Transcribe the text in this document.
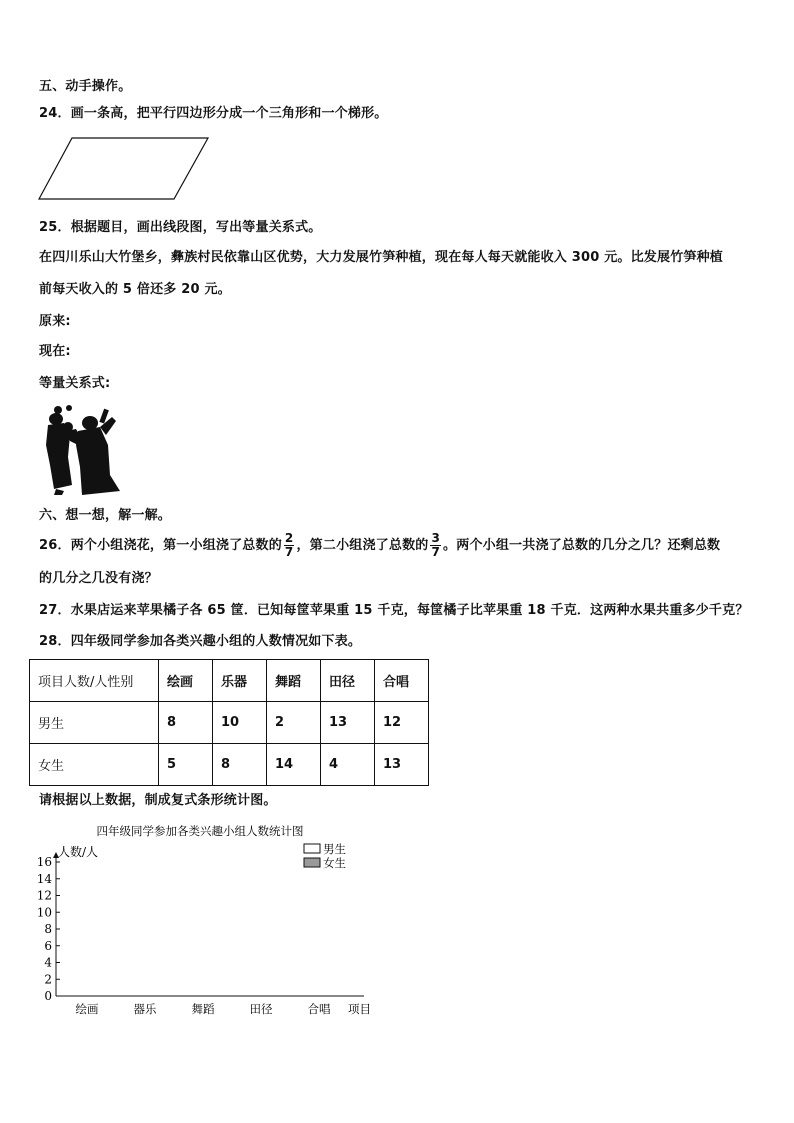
五、动手操作。
24．画一条高，把平行四边形分成一个三角形和一个梯形。
25．根据题目，画出线段图，写出等量关系式。
在四川乐山大竹堡乡，彝族村民依靠山区优势，大力发展竹笋种植，现在每人每天就能收入 300 元。比发展竹笋种植
前每天收入的 5 倍还多 20 元。
原来:
现在:
等量关系式:
六、想一想，解一解。
26．两个小组浇花，第一小组浇了总数的 $\frac{2}{7}$ ，第二小组浇了总数的 $\frac{3}{7}$ 。两个小组一共浇了总数的几分之几？还剩总数
的几分之几没有浇？
27．水果店运来苹果橘子各 65 筐．已知每筐苹果重 15 千克，每筐橘子比苹果重 18 千克．这两种水果共重多少千克？
28．四年级同学参加各类兴趣小组的人数情况如下表。
项目人数/人性别	绘画	乐器	舞蹈	田径	合唱
男生	8	10	2	13	12
女生	5	8	14	4	13
请根据以上数据，制成复式条形统计图。
四年级同学参加各类兴趣小组人数统计图
人数/人	男生
女生
0
2
4
6
8
10
12
14
16
绘画	器乐	舞蹈	田径	合唱 项目
